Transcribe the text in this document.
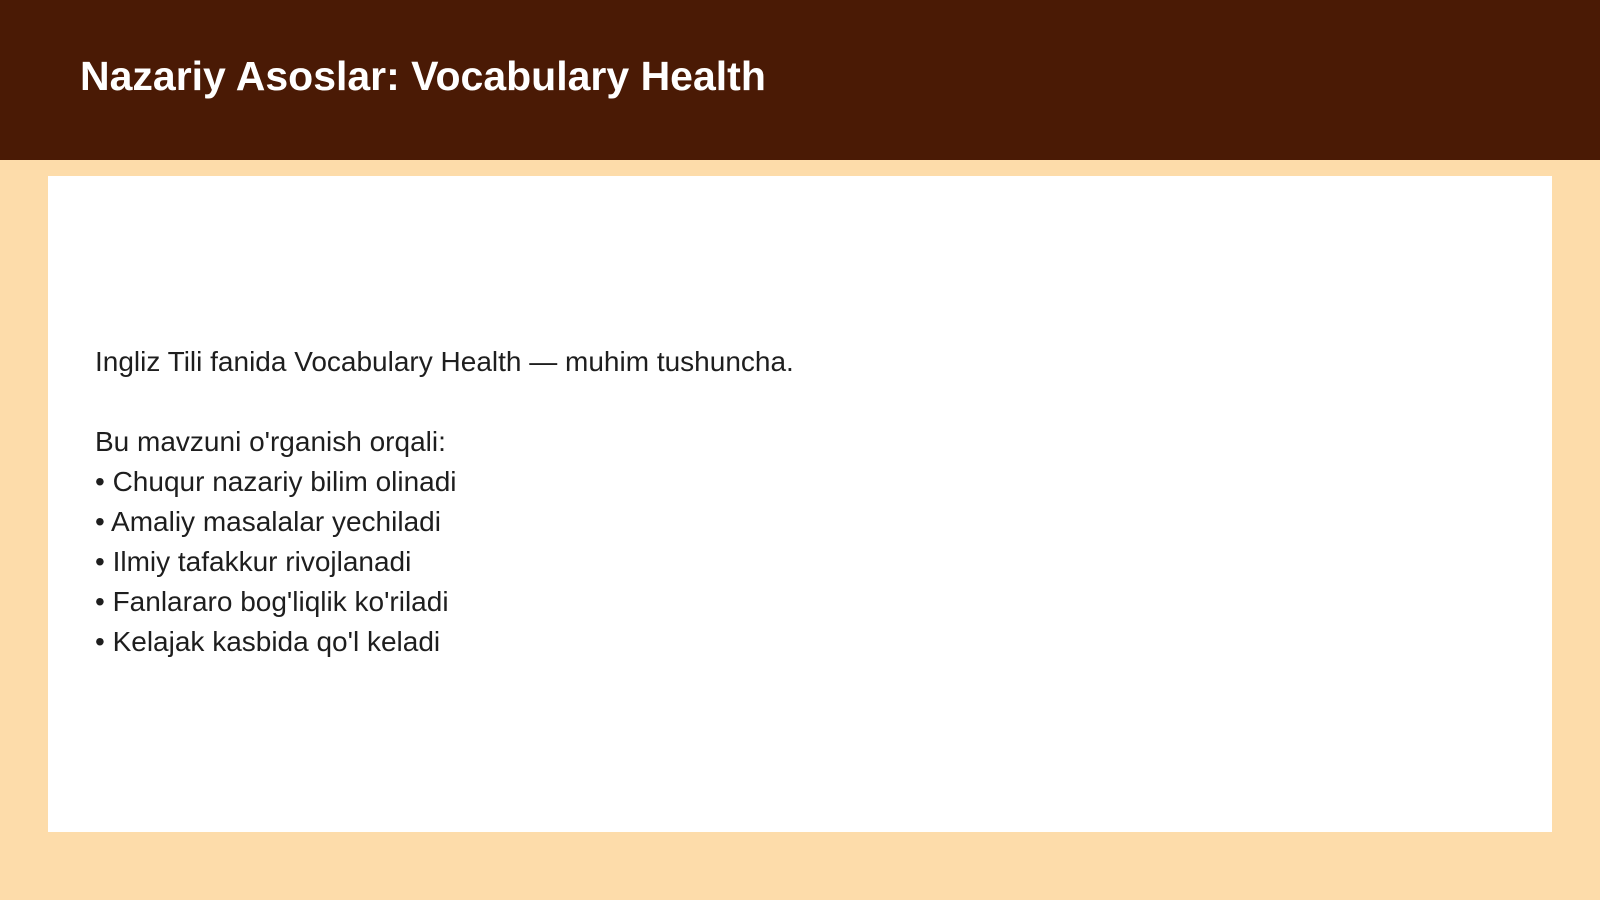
Nazariy Asoslar: Vocabulary Health

Ingliz Tili fanida Vocabulary Health — muhim tushuncha.

Bu mavzuni o'rganish orqali:

• Chuqur nazariy bilim olinadi
• Amaliy masalalar yechiladi
• Ilmiy tafakkur rivojlanadi
• Fanlararo bog'liqlik ko'riladi
• Kelajak kasbida qo'l keladi
